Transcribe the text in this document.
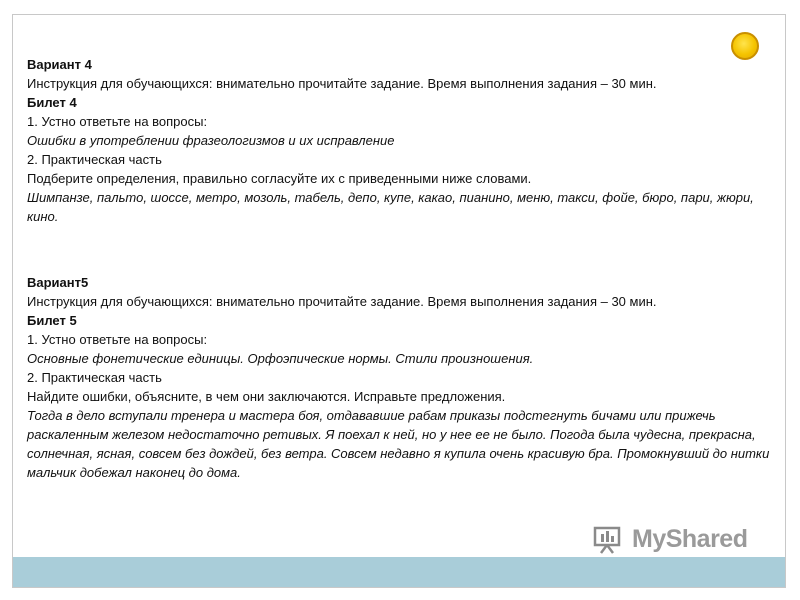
Вариант 4
Инструкция для обучающихся: внимательно прочитайте задание. Время выполнения задания – 30 мин.
Билет 4
1. Устно ответьте на вопросы:
Ошибки в употреблении фразеологизмов и их исправление
2. Практическая часть
Подберите определения, правильно согласуйте их с приведенными ниже словами.
Шимпанзе, пальто, шоссе, метро, мозоль, табель, депо, купе, какао, пианино, меню, такси, фойе, бюро, пари, жюри, кино.
Вариант5
Инструкция для обучающихся: внимательно прочитайте задание. Время выполнения задания – 30 мин.
Билет 5
1. Устно ответьте на вопросы:
Основные фонетические единицы. Орфоэпические нормы. Стили произношения.
2. Практическая часть
Найдите ошибки, объясните, в чем они заключаются. Исправьте предложения.
Тогда в дело вступали тренера и мастера боя, отдававшие рабам приказы подстегнуть бичами или прижечь раскаленным железом недостаточно ретивых. Я поехал к ней, но у нее ее не было. Погода была чудесна, прекрасна, солнечная, ясная, совсем без дождей, без ветра. Совсем недавно я купила очень красивую бра. Промокнувший до нитки мальчик добежал наконец до дома.
MyShared
